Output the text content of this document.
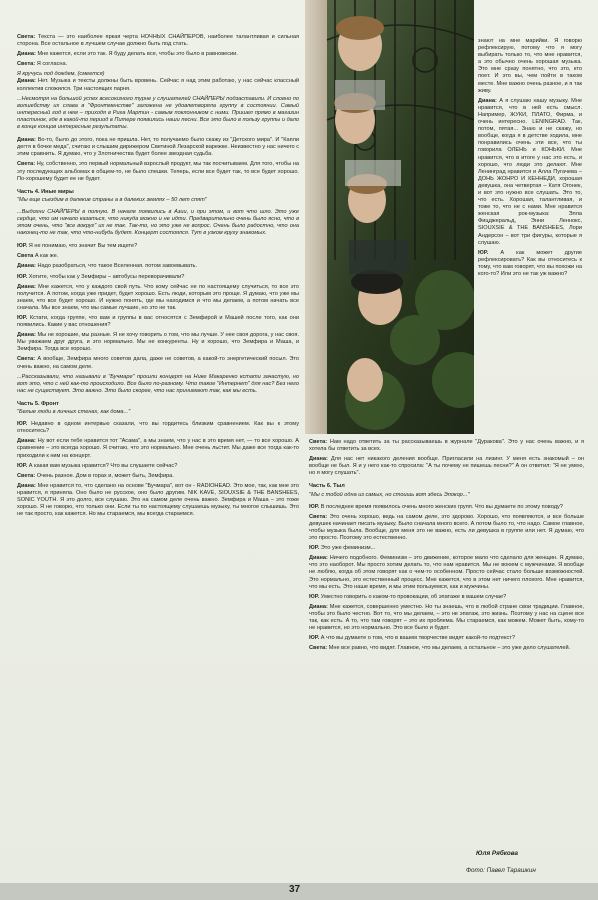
Света: Текста — это наиболее яркая черта НОЧНЫХ СНАЙПЕРОВ, наиболее талантливая и сильная сторона. Все остальное в лучшем случае должно быть под стать.
Диана: Мне кажется, если это так. Я буду делать все, чтобы это было в равновесии.
Света: Я согласна.
Я кручусь под дождем, (смеется)
Диана: Нет. Музыка и тексты должны быть вровень. Сейчас я над этим работаю, у нас сейчас классный коллектив сложился. Три настоящих парня.
...Несмотря на большой успех всесоюзного турне у слушателей СНАЙПЕРЫ подзаставили. И словно по волшебству их слава в "Фронтменстве" заложена не удовлетворяла группу в состоянии. Самый интересный год в нем – приходя в Рига Мартин - самым поклонником с ними. Пришел прямо в магазин пластинок, где в какой-то период в Питере появились наши песни. Все это было в пользу группы и дало в конце концов интересные результаты.
Диана: Во-то, было до этого, пока не пришла. Нет, то получаемо было скажу из "Детского мира". И "Капли дегтя в бочке меда", считаю и слышим дирижером Светиной Лезарской варежке. Неизвестно у нас ничего с этим сравнить. Я думаю, что у Злотничества будет более звездная судьба.
Света: Ну, собственно, это первый нормальный взрослый продукт, мы так посчитываем. Для того, чтобы на эту последующих альбомах в общем-то, не было спешки. Теперь, если все будет так, то все будет хорошо. По-хорошему будет ее не будет.
Часть 4. Иные миры
"Мы еще съездим в далекие страны а в далеких землях – 50 лет спят"
...Выдохни СНАЙПЕРЫ в полную. В начале появились в Азии, и при этом, и вот что шло. Это уже сердце, что им начало казаться, что никуда можно и не идти. Предварительно очень было ясно, что в этом очень, что "все вокруг" их не так. Так-то, но это уже не вопрос. Очень было радостно, что она наконец-то не так, что что-нибудь будет. Концерт состоялся. Тут в узком кругу знакомых.
ЮР. Я не понимаю, что значит Вы тем ищете?
Света А как же.
Диана: Надо разобраться, что такое Вселенная. потом завоевывать.
ЮР. Хотите, чтобы как у Земфиры – автобусы переворачивали?
Диана: Мне кажется, что у каждого свой путь. Что кому сейчас не по настоящему случиться, то все это получится. А потом, когда уже придет, будет хорошо. Есть люди, которым это проще. Я думаю, что уже мы знаем, что все будет хорошо. И нужно понять, где мы находимся и что мы делаем, а потом начать все сначала. Мы все знаем, что мы самые лучшие, но это не так.
ЮР. Кстати, когда группе, что вам и группы в вас относятся с Земфирой и Машей после того, как они появились. Какие у вас отношения?
Диана: Мы не хорошие, мы разные. Я не хочу говорить о том, что мы лучше. У нее своя дорога, у нас своя. Мы уважаем друг друга, и это нормально. Мы не конкуренты. Ну и хорошо, что Земфира и Маша, и Земфира. Тогда все хорошо.
Света: А вообще, Земфира много советов дала, даже не советов, а какой-то энергетический посыл. Это очень важно, на самом деле.
...Рассказывали, что называли в "Бучмаре" прошли концерт на Нике Макаренко кстати зачастую, но вот это, что с ней как-то происходило. Все было по-разному. Что такое "Интернет" для нас? Без него нас не существует. Это важно. Это было скорее, что нас принимают так, как мы есть.
Часть 5. Фронт
"Белые люди в личных стенах, как дома..."
ЮР. Недавно в одном интервью сказали, что вы гордитесь близким сравнением. Как вы к этому относитесь?
Диана: Ну вот если тебе нравится тот "Асама", а мы знаем, что у нас в это время нет, — то все хорошо. А сравнение – это всегда хорошо. Я считаю, что это нормально. Мне очень льстит. Мы даже все тогда как-то приходили к ним на концерт.
ЮР. А какая вам музыка нравится? Что вы слушаете сейчас?
Света: Очень разное. Дом в горах и, может быть, Земфира.
Диана: Мне нравится то, что сделано на основе "Бучмара", вот он - RADIOHEAD. Это мое, так, как мне это нравится, я приняла. Оно было не русское, оно было другим. NIK KAVE, SIOUXSIE & THE BANSHEES, SONIC YOUTH. Я это долго, все слушаю. Это на самом деле очень важно. Земфира и Маша – это тоже хорошо. Я не говорю, что только они. Если ты по настоящему слушаешь музыку, ты многое слышишь. Это не так просто, как кажется. Но мы стараемся, мы всегда стараемся.
знают на мне марийки. Я говорю рефлексирую, потому что я могу выбирать только то, что мне нравится, а это обычно очень хорошая музыка. Это мне сразу понятно, что это, кто поет. И это вы, чем пойти в таком месте. Мне важно очень разное, и я так живу.
Диана: А я слушаю нашу музыку. Мне нравится, что в ней есть смысл. Например, ЖУКИ, ПЛАТО, Фирма, и очень интересно. LENINGRAD. Так, потом, пятая... Знаю и не скажу, но вообще, когда я в детстве ходила, мне понравились очень эти все, что ты говорила ОЛЕНЬ и КОНЬКИ. Мне нравится, что в итоге у нас это есть, и хорошо, что люди это делают. Мне Ленинград нравится и Алла Пугачева – ДОНЬ ЖОНРО И КЕННЕДИ, хорошая девушка, она четвертая – Катя Огонек, и вот это нужно все слушать. Это то, что есть. Хорошая, талантливая, и тоже то, что не с нами. Мне нравится женская рок-музыка: Элла Фицджеральд, Энни Леннокс, SIOUXSIE & THE BANSHEES, Лори Андерсон – вот три фигуры, которые я слушаю.
ЮР. А как может другие рефлексировать? Как вы относитесь к тому, что вам говорят, что вы похожи на кого-то? Или это не так уж важно?
Света: Нам надо ответить за ты рассказываешь в журнале "Дуракова". Это у нас очень важно, и я хотела бы ответить за всех.
Диана: Для нас нет никакого деления вообще. Пригласили на лизинг. У меня есть знакомый – он вообще не был. Я и у него как-то спросила: "А ты почему не пишешь песни?" А он ответил: "Я не умею, но я могу слушать".
Часть 6. Тыл
"Мы с тобой одна из самых, но стоишь вот здесь Эпокор..."
ЮР. В последнее время появилось очень много женских групп. Что вы думаете по этому поводу?
Света: Это очень хорошо, ведь на самом деле, это здорово. Хорошо, что появляются, и все больше девушек начинает писать музыку. Было сначала много всего. А потом было то, что надо. Самое главное, чтобы музыка была. Вообще, для меня это не важно, есть ли девушка в группе или нет. Я думаю, что это просто. Поэтому это естественно.
ЮР. Это уже феминизм...
Диана: Ничего подобного. Феминизм – это движение, которое мало что сделало для женщин. Я думаю, что это наоборот. Мы просто хотим делать то, что нам нравится. Мы не воюем с мужчинами. Я вообще не люблю, когда об этом говорят как о чем-то особенном. Просто сейчас стало больше возможностей. Это нормально, это естественный процесс. Мне кажется, что в этом нет ничего плохого. Мне нравится, что мы есть. Это наше время, и мы этим пользуемся, как и мужчины.
ЮР. Уместно говорить о каком-то провокации, об эпатаже в вашем случае?
Диана: Мне кажется, совершенно уместно. Но ты знаешь, что в любой стране свои традиции. Главное, чтобы это было честно. Вот то, что мы делаем, – это не эпатаж, это жизнь. Поэтому у нас на сцене все так, как есть. А то, что там говорят – это их проблема. Мы стараемся, как можем. Может быть, кому-то не нравится, но это нормально. Это все было и будет.
ЮР. А что вы думаете о том, что в вашем творчестве видят какой-то подтекст?
Света: Мне все равно, что видят. Главное, что мы делаем, а остальное – это уже дело слушателей.
Юля Рябкова
Фото: Павел Тарашкин
37
